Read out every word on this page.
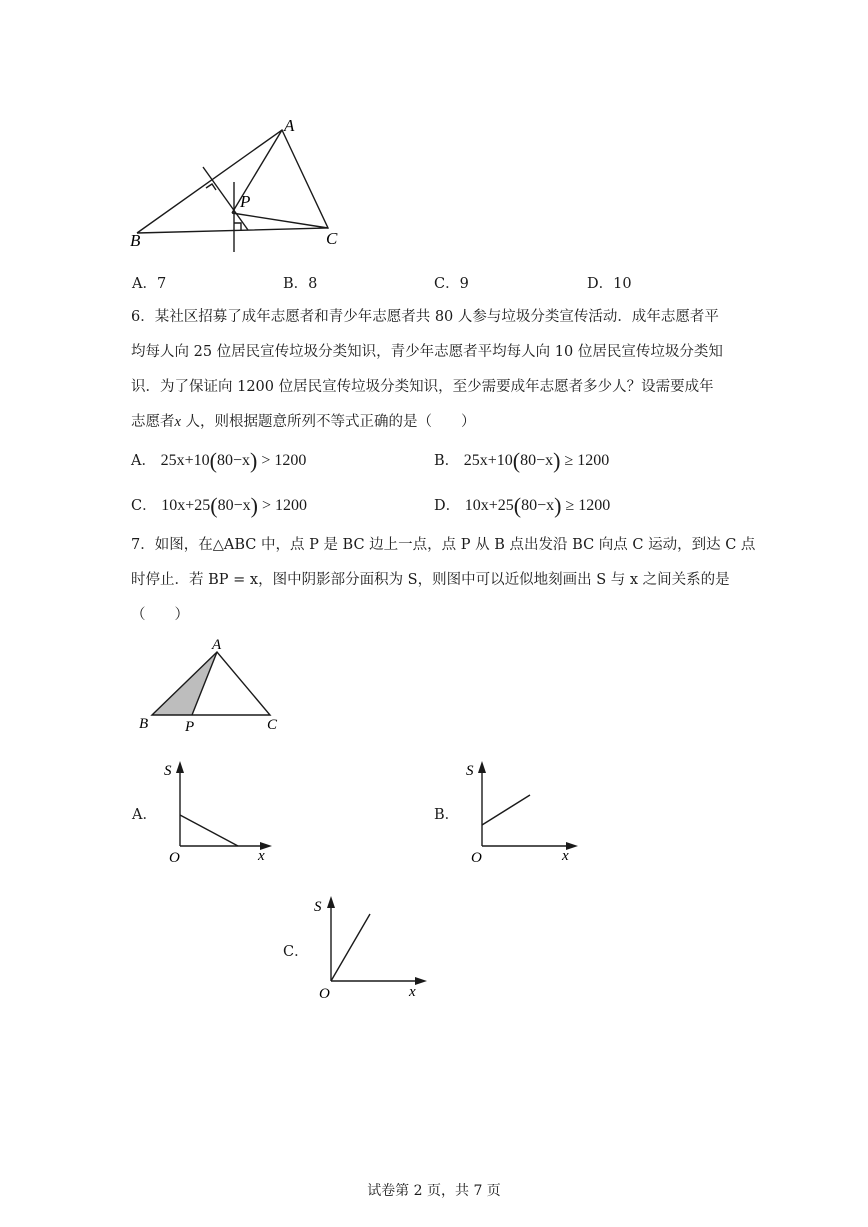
A
B	C
P
A．7	B．8	C．9	D．10
6．某社区招募了成年志愿者和青少年志愿者共 80 人参与垃圾分类宣传活动．成年志愿者平
均每人向 25 位居民宣传垃圾分类知识，青少年志愿者平均每人向 10 位居民宣传垃圾分类知
识．为了保证向 1200 位居民宣传垃圾分类知识，至少需要成年志愿者多少人？设需要成年
志愿者x 人，则根据题意所列不等式正确的是（　　）
A． 25x+10(80−x) > 1200	B． 25x+10(80−x) ≥ 1200
C． 10x+25(80−x) > 1200	D． 10x+25(80−x) ≥ 1200
7．如图，在△ABC 中，点 P 是 BC 边上一点，点 P 从 B 点出发沿 BC 向点 C 运动，到达 C 点
时停止．若 BP = x，图中阴影部分面积为 S，则图中可以近似地刻画出 S 与 x 之间关系的是
（　　）
A
B P	C
A．
S
O	x
B．
S
O	x
C．
S
O	x
试卷第 2 页，共 7 页
